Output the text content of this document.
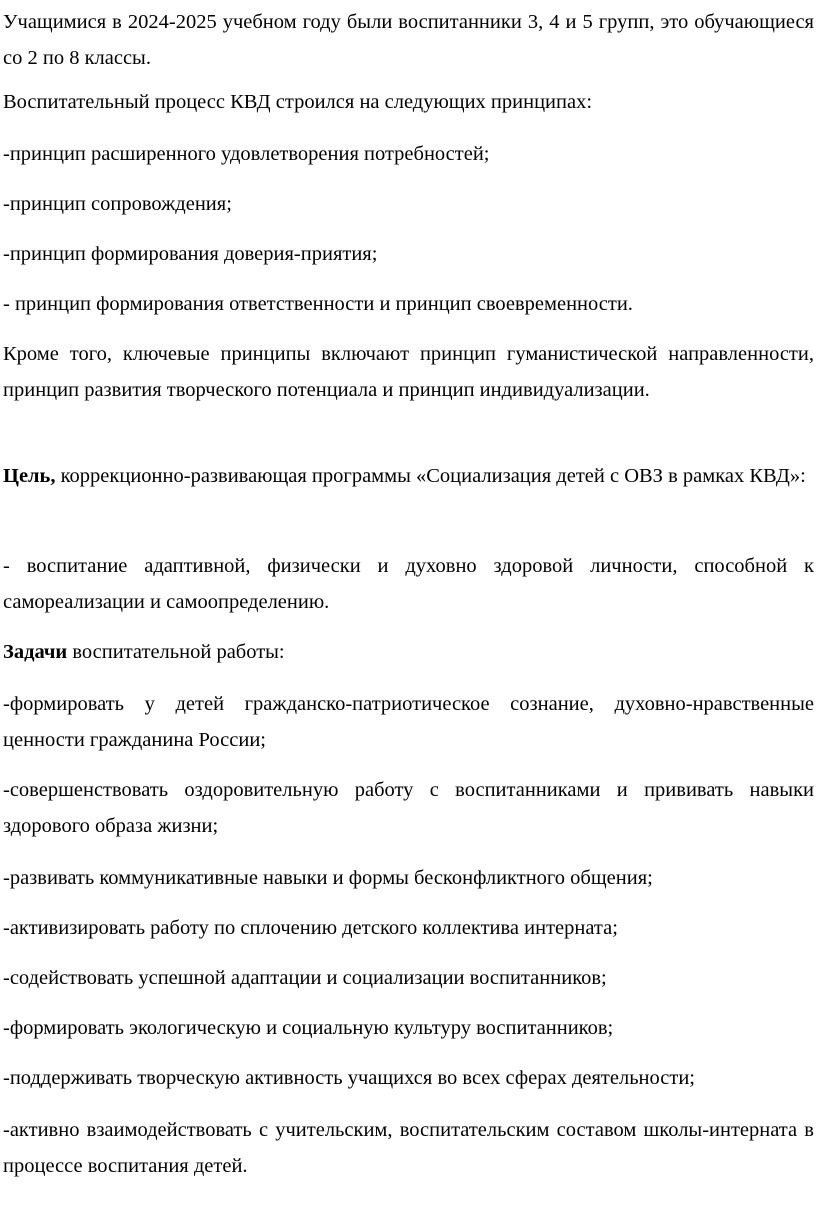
Учащимися в 2024-2025 учебном году были воспитанники 3, 4 и 5 групп, это обучающиеся со 2 по 8 классы.

Воспитательный процесс КВД строился на следующих принципах:

-принцип расширенного удовлетворения потребностей;

-принцип сопровождения;

-принцип формирования доверия-приятия;

- принцип формирования ответственности и принцип своевременности.

Кроме того, ключевые принципы включают принцип гуманистической направленности, принцип развития творческого потенциала и принцип индивидуализации.

Цель, коррекционно-развивающая программы «Социализация детей с ОВЗ в рамках КВД»:

- воспитание адаптивной, физически и духовно здоровой личности, способной к самореализации и самоопределению.

Задачи воспитательной работы:

-формировать у детей гражданско-патриотическое сознание, духовно-нравственные ценности гражданина России;

-совершенствовать оздоровительную работу с воспитанниками и прививать навыки здорового образа жизни;

-развивать коммуникативные навыки и формы бесконфликтного общения;

-активизировать работу по сплочению детского коллектива интерната;

-содействовать успешной адаптации и социализации воспитанников;

-формировать экологическую и социальную культуру воспитанников;

-поддерживать творческую активность учащихся во всех сферах деятельности;

-активно взаимодействовать с учительским, воспитательским составом школы-интерната в процессе воспитания детей.
